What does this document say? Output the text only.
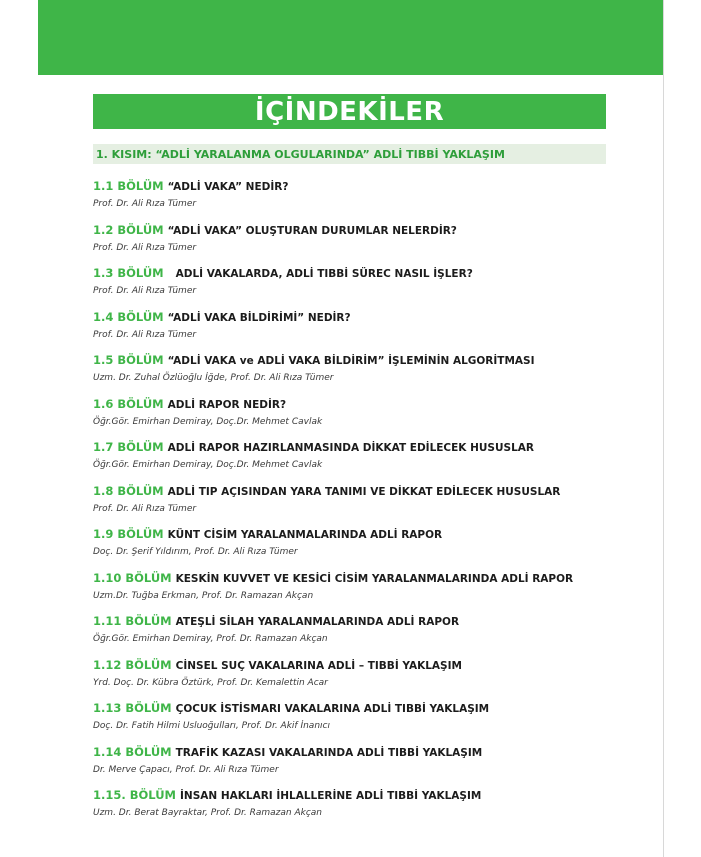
İÇİNDEKİLER
1. KISIM: “ADLİ YARALANMA OLGULARINDA” ADLİ TIBBİ YAKLAŞIM
1.1 BÖLÜM “ADLİ VAKA” NEDİR?
Prof. Dr. Ali Rıza Tümer
1.2 BÖLÜM “ADLİ VAKA” OLUŞTURAN DURUMLAR NELERDİR?
Prof. Dr. Ali Rıza Tümer
1.3 BÖLÜM ADLİ VAKALARDA, ADLİ TIBBİ SÜREC NASIL İŞLER?
Prof. Dr. Ali Rıza Tümer
1.4 BÖLÜM “ADLİ VAKA BİLDİRİMİ” NEDİR?
Prof. Dr. Ali Rıza Tümer
1.5 BÖLÜM “ADLİ VAKA ve ADLİ VAKA BİLDİRİM” İŞLEMİNİN ALGORİTMASI
Uzm. Dr. Zuhal Özlüoğlu İğde, Prof. Dr. Ali Rıza Tümer
1.6 BÖLÜM ADLİ RAPOR NEDİR?
Öğr.Gör. Emirhan Demiray, Doç.Dr. Mehmet Cavlak
1.7 BÖLÜM ADLİ RAPOR HAZIRLANMASINDA DİKKAT EDİLECEK HUSUSLAR
Öğr.Gör. Emirhan Demiray, Doç.Dr. Mehmet Cavlak
1.8 BÖLÜM ADLİ TIP AÇISINDAN YARA TANIMI VE DİKKAT EDİLECEK HUSUSLAR
Prof. Dr. Ali Rıza Tümer
1.9 BÖLÜM KÜNT CİSİM YARALANMALARINDA ADLİ RAPOR
Doç. Dr. Şerif Yıldırım, Prof. Dr. Ali Rıza Tümer
1.10 BÖLÜM KESKİN KUVVET VE KESİCİ CİSİM YARALANMALARINDA ADLİ RAPOR
Uzm.Dr. Tuğba Erkman, Prof. Dr. Ramazan Akçan
1.11 BÖLÜM ATEŞLİ SİLAH YARALANMALARINDA ADLİ RAPOR
Öğr.Gör. Emirhan Demiray, Prof. Dr. Ramazan Akçan
1.12 BÖLÜM CİNSEL SUÇ VAKALARINA ADLİ – TIBBİ YAKLAŞIM
Yrd. Doç. Dr. Kübra Öztürk, Prof. Dr. Kemalettin Acar
1.13 BÖLÜM ÇOCUK İSTİSMARI VAKALARINA ADLİ TIBBİ YAKLAŞIM
Doç. Dr. Fatih Hilmi Usluoğulları, Prof. Dr. Akif İnanıcı
1.14 BÖLÜM TRAFİK KAZASI VAKALARINDA ADLİ TIBBİ YAKLAŞIM
Dr. Merve Çapacı, Prof. Dr. Ali Rıza Tümer
1.15. BÖLÜM İNSAN HAKLARI İHLALLERİNE ADLİ TIBBİ YAKLAŞIM
Uzm. Dr. Berat Bayraktar, Prof. Dr. Ramazan Akçan
